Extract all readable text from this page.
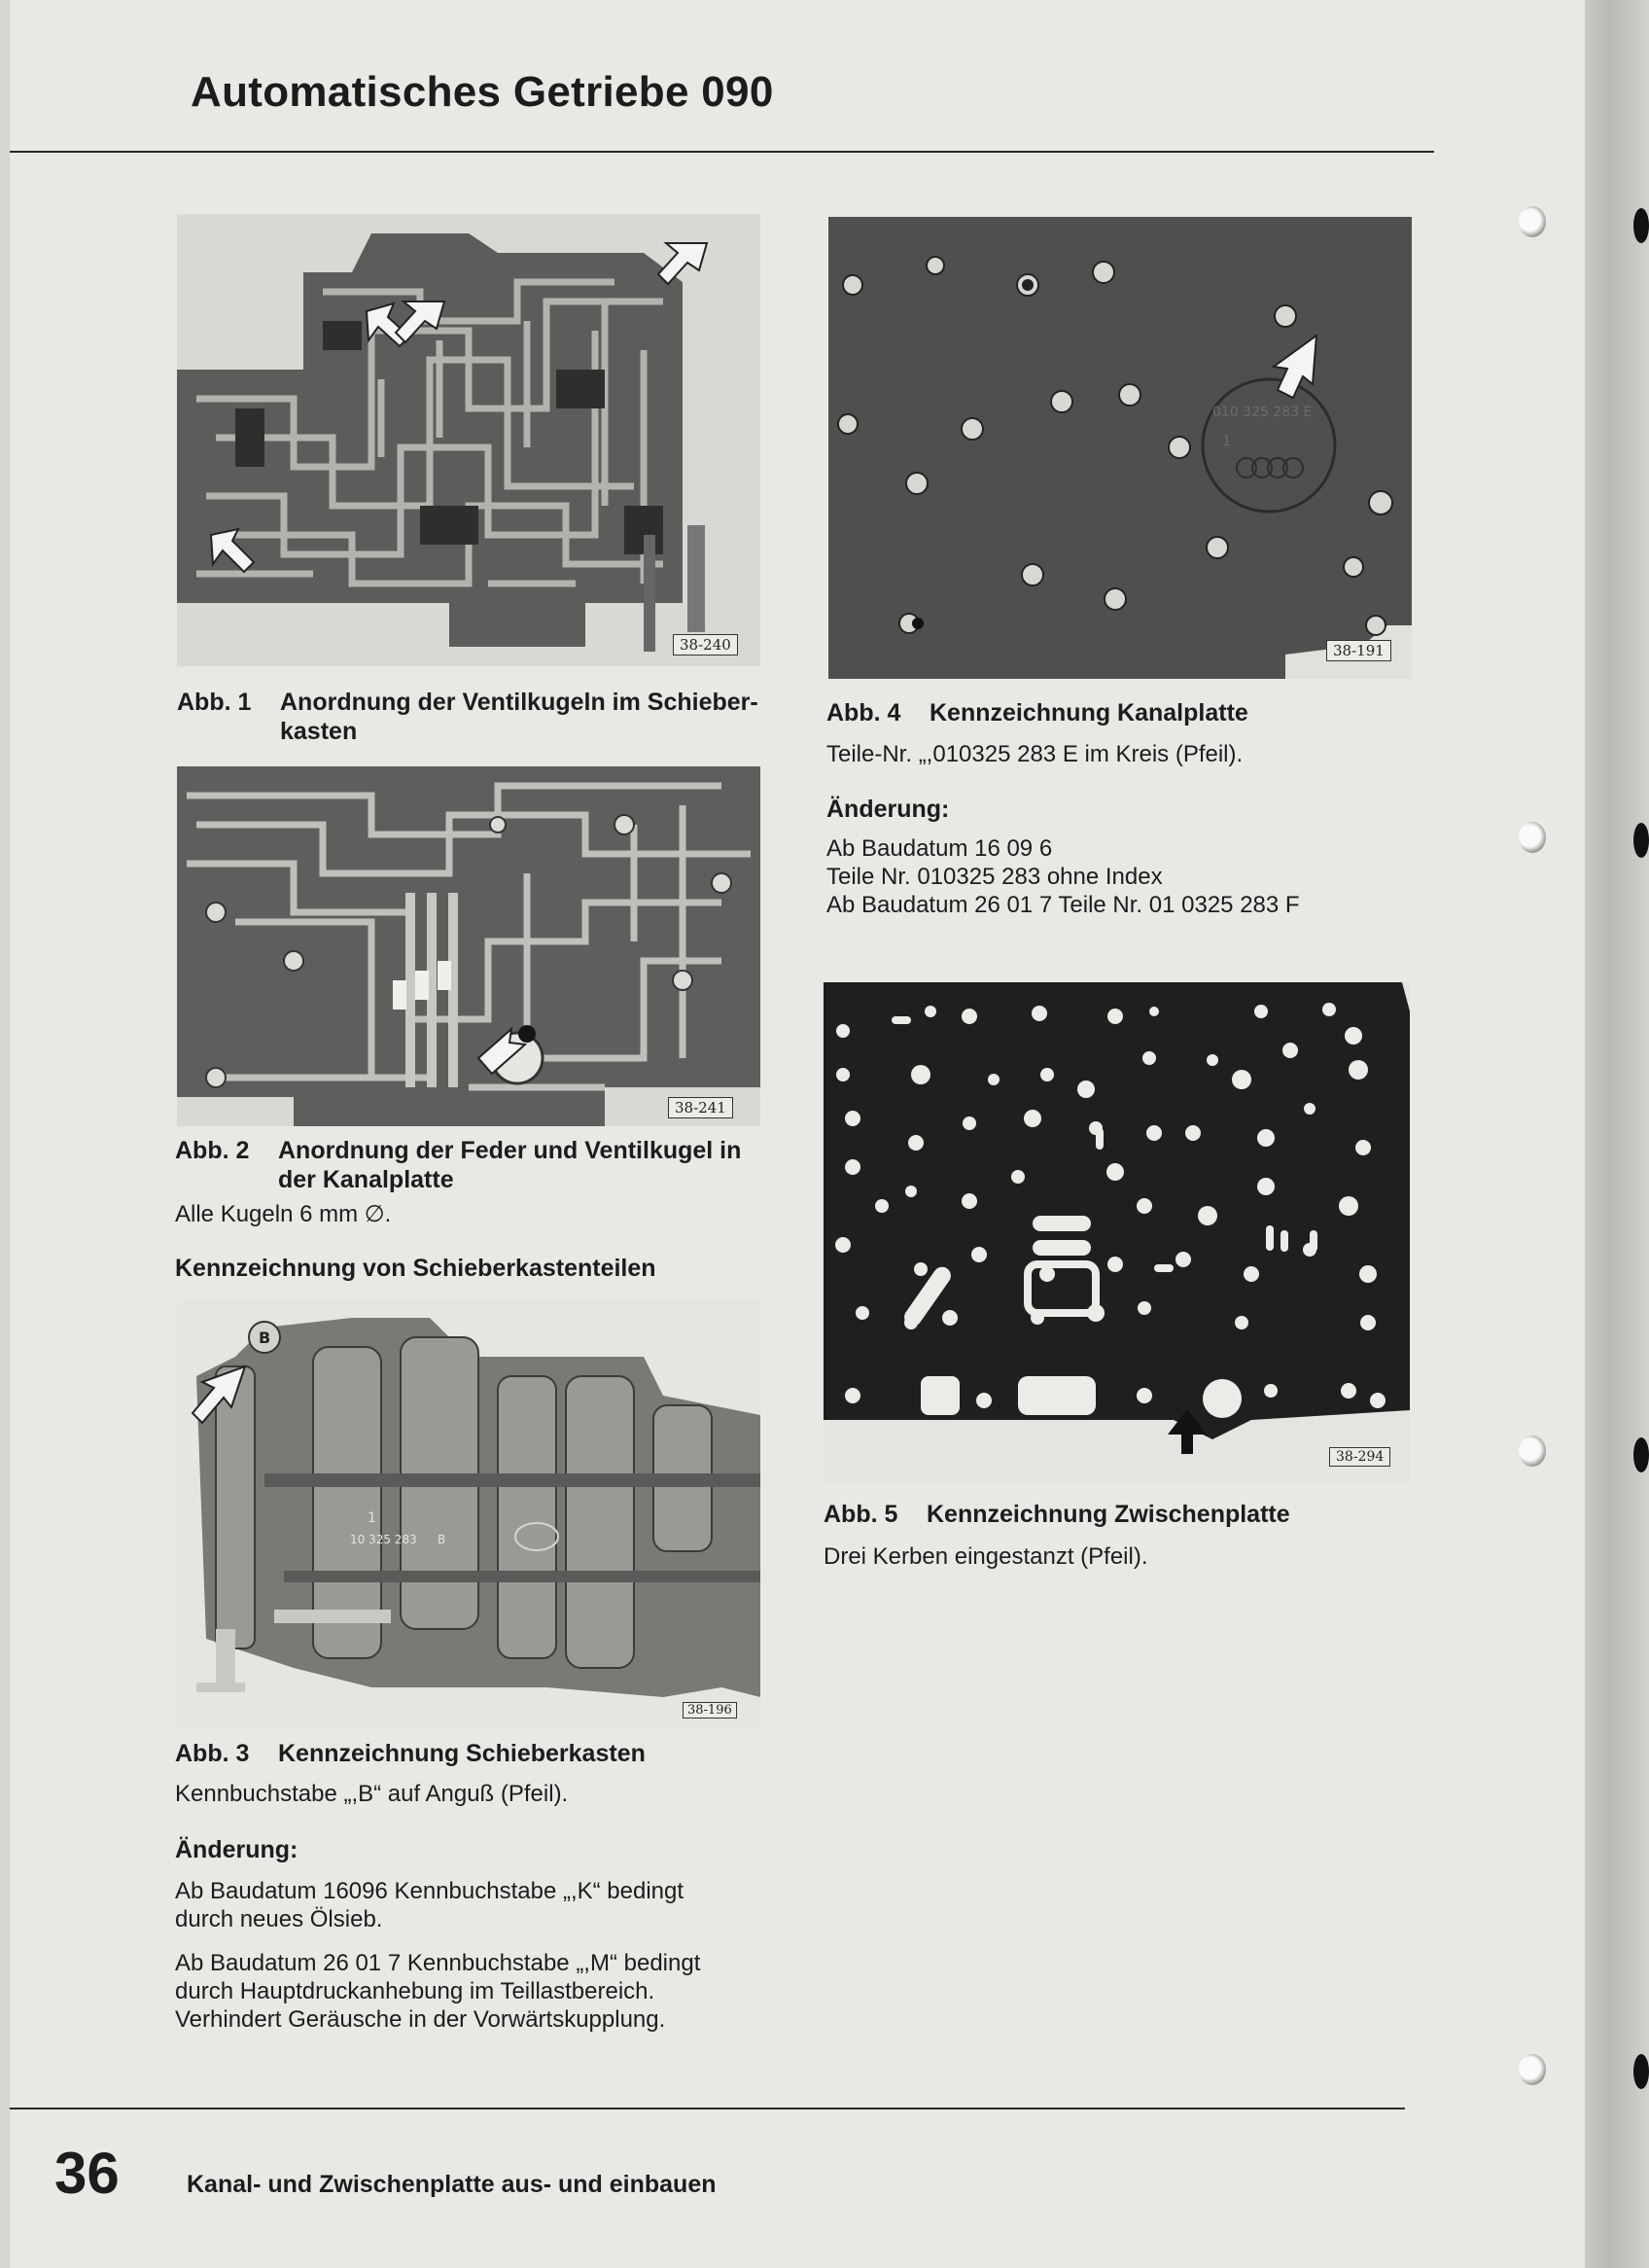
Automatisches Getriebe 090
38-240
Abb. 1 Anordnung der Ventilkugeln im Schieber-
kasten
38-241
Abb. 2 Anordnung der Feder und Ventilkugel in
der Kanalplatte
Alle Kugeln 6 mm ∅.
Kennzeichnung von Schieberkastenteilen
1
10 325 283 B
B
38-196
Abb. 3 Kennzeichnung Schieberkasten
Kennbuchstabe „,B“ auf Anguß (Pfeil).
Änderung:
Ab Baudatum 16096 Kennbuchstabe „,K“ bedingt
durch neues Ölsieb.
Ab Baudatum 26 01 7 Kennbuchstabe „,M“ bedingt
durch Hauptdruckanhebung im Teillastbereich.
Verhindert Geräusche in der Vorwärtskupplung.
010 325 283 E
1
38-191
Abb. 4 Kennzeichnung Kanalplatte
Teile-Nr. „,010325 283 E im Kreis (Pfeil).
Änderung:
Ab Baudatum 16 09 6
Teile Nr. 010325 283 ohne Index
Ab Baudatum 26 01 7 Teile Nr. 01 0325 283 F
38-294
Abb. 5 Kennzeichnung Zwischenplatte
Drei Kerben eingestanzt (Pfeil).
36	Kanal- und Zwischenplatte aus- und einbauen
